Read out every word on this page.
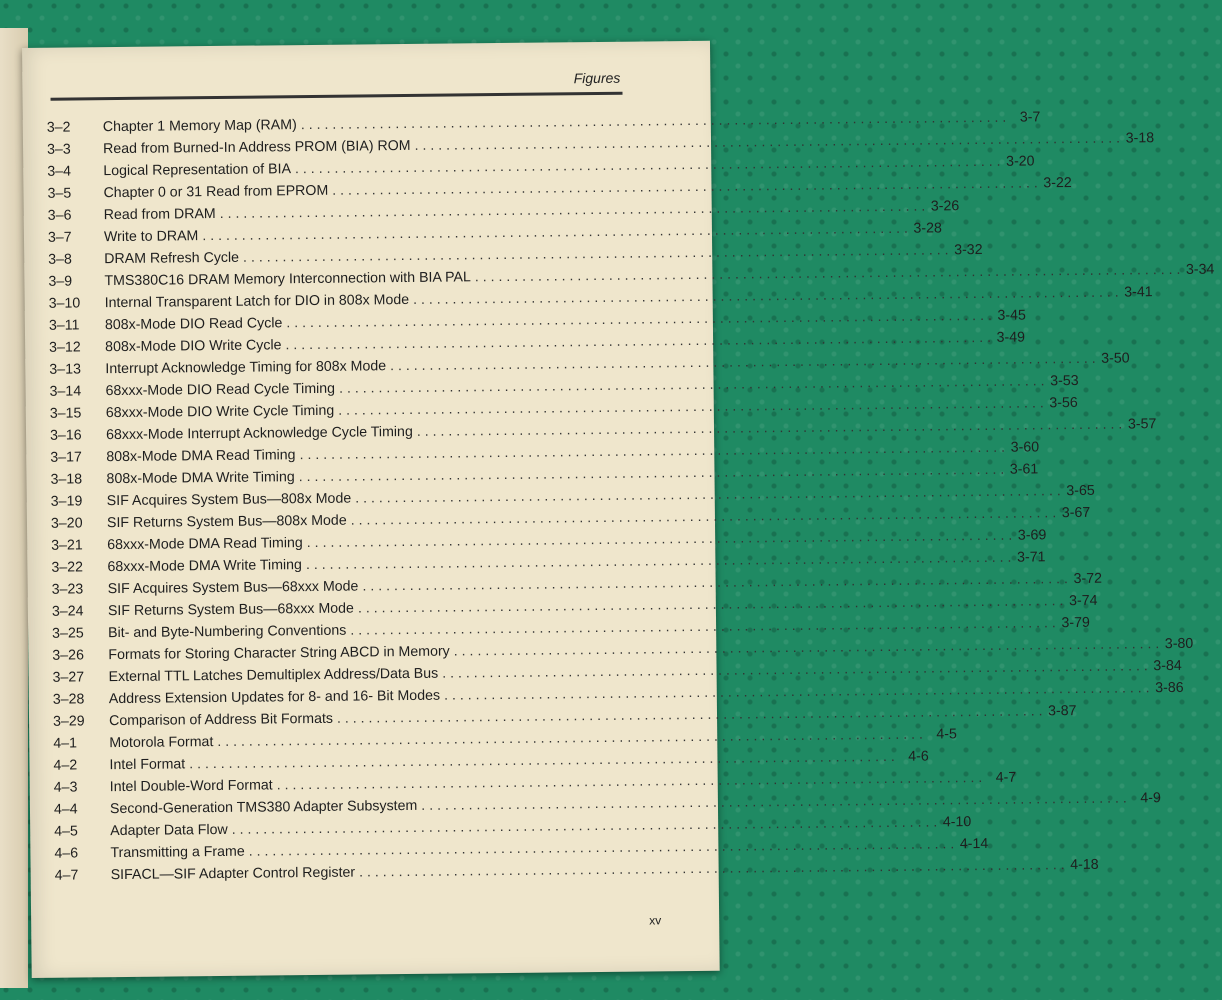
Figures
3–2	Chapter 1 Memory Map (RAM) . . .	3-7
3–3	Read from Burned-In Address PROM (BIA) ROM . . .	3-18
3–4	Logical Representation of BIA . . .	3-20
3–5	Chapter 0 or 31 Read from EPROM . . .	3-22
3–6	Read from DRAM . . .	3-26
3–7	Write to DRAM . . .	3-28
3–8	DRAM Refresh Cycle . . .	3-32
3–9	TMS380C16 DRAM Memory Interconnection with BIA PAL . . .	3-34
3–10	Internal Transparent Latch for DIO in 808x Mode . . .	3-41
3–11	808x-Mode DIO Read Cycle . . .	3-45
3–12	808x-Mode DIO Write Cycle . . .	3-49
3–13	Interrupt Acknowledge Timing for 808x Mode . . .	3-50
3–14	68xxx-Mode DIO Read Cycle Timing . . .	3-53
3–15	68xxx-Mode DIO Write Cycle Timing . . .	3-56
3–16	68xxx-Mode Interrupt Acknowledge Cycle Timing . . .	3-57
3–17	808x-Mode DMA Read Timing . . .	3-60
3–18	808x-Mode DMA Write Timing . . .	3-61
3–19	SIF Acquires System Bus—808x Mode . . .	3-65
3–20	SIF Returns System Bus—808x Mode . . .	3-67
3–21	68xxx-Mode DMA Read Timing . . .	3-69
3–22	68xxx-Mode DMA Write Timing . . .	3-71
3–23	SIF Acquires System Bus—68xxx Mode . . .	3-72
3–24	SIF Returns System Bus—68xxx Mode . . .	3-74
3–25	Bit- and Byte-Numbering Conventions . . .	3-79
3–26	Formats for Storing Character String ABCD in Memory . . .	3-80
3–27	External TTL Latches Demultiplex Address/Data Bus . . .	3-84
3–28	Address Extension Updates for 8- and 16- Bit Modes . . .	3-86
3–29	Comparison of Address Bit Formats . . .	3-87
4–1	Motorola Format . . .	4-5
4–2	Intel Format . . .	4-6
4–3	Intel Double-Word Format . . .	4-7
4–4	Second-Generation TMS380 Adapter Subsystem . . .	4-9
4–5	Adapter Data Flow . . .	4-10
4–6	Transmitting a Frame . . .	4-14
4–7	SIFACL—SIF Adapter Control Register . . .	4-18
xv
